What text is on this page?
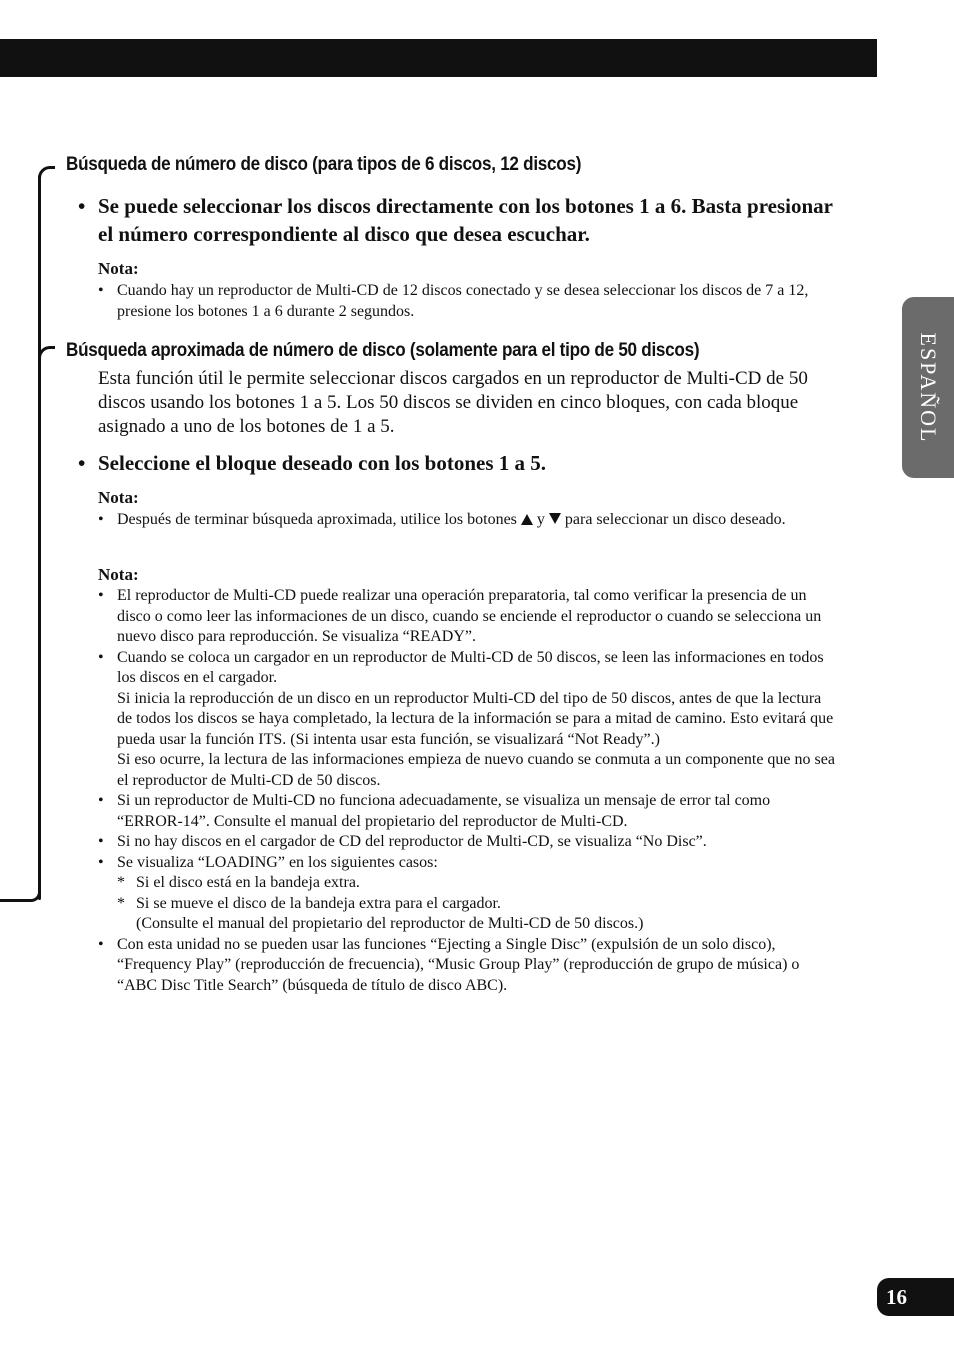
Búsqueda de número de disco (para tipos de 6 discos, 12 discos)
• Se puede seleccionar los discos directamente con los botones 1 a 6. Basta presionar el número correspondiente al disco que desea escuchar.
Nota:
• Cuando hay un reproductor de Multi-CD de 12 discos conectado y se desea seleccionar los discos de 7 a 12, presione los botones 1 a 6 durante 2 segundos.
Búsqueda aproximada de número de disco (solamente para el tipo de 50 discos)
Esta función útil le permite seleccionar discos cargados en un reproductor de Multi-CD de 50 discos usando los botones 1 a 5. Los 50 discos se dividen en cinco bloques, con cada bloque asignado a uno de los botones de 1 a 5.
• Seleccione el bloque deseado con los botones 1 a 5.
Nota:
• Después de terminar búsqueda aproximada, utilice los botones y para seleccionar un disco deseado.
Nota:
• El reproductor de Multi-CD puede realizar una operación preparatoria, tal como verificar la presencia de un disco o como leer las informaciones de un disco, cuando se enciende el reproductor o cuando se selecciona un nuevo disco para reproducción. Se visualiza “READY”.
• Cuando se coloca un cargador en un reproductor de Multi-CD de 50 discos, se leen las informaciones en todos los discos en el cargador.
Si inicia la reproducción de un disco en un reproductor Multi-CD del tipo de 50 discos, antes de que la lectura de todos los discos se haya completado, la lectura de la información se para a mitad de camino. Esto evitará que pueda usar la función ITS. (Si intenta usar esta función, se visualizará “Not Ready”.)
Si eso ocurre, la lectura de las informaciones empieza de nuevo cuando se conmuta a un componente que no sea el reproductor de Multi-CD de 50 discos.
• Si un reproductor de Multi-CD no funciona adecuadamente, se visualiza un mensaje de error tal como “ERROR-14”. Consulte el manual del propietario del reproductor de Multi-CD.
• Si no hay discos en el cargador de CD del reproductor de Multi-CD, se visualiza “No Disc”.
• Se visualiza “LOADING” en los siguientes casos:
* Si el disco está en la bandeja extra.
* Si se mueve el disco de la bandeja extra para el cargador.
(Consulte el manual del propietario del reproductor de Multi-CD de 50 discos.)
• Con esta unidad no se pueden usar las funciones “Ejecting a Single Disc” (expulsión de un solo disco), “Frequency Play” (reproducción de frecuencia), “Music Group Play” (reproducción de grupo de música) o “ABC Disc Title Search” (búsqueda de título de disco ABC).
ESPAÑOL
16
